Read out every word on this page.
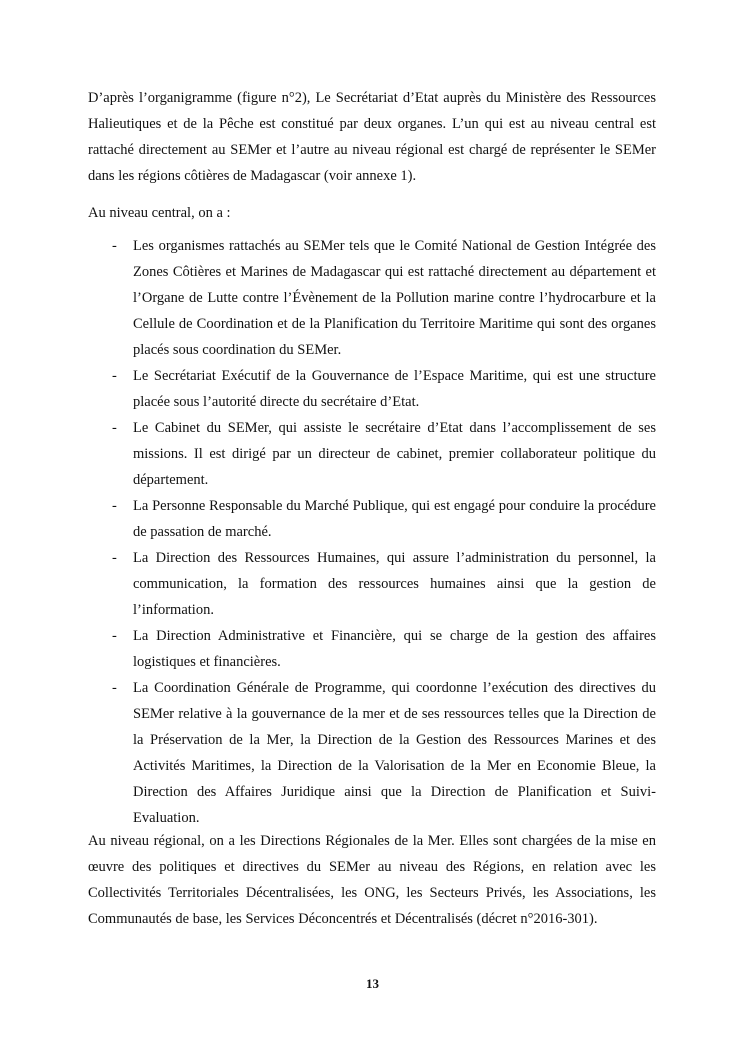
D’après l’organigramme (figure n°2), Le Secrétariat d’Etat auprès du Ministère des Ressources Halieutiques et de la Pêche est constitué par deux organes. L’un qui est au niveau central est rattaché directement au SEMer et l’autre au niveau régional est chargé de représenter le SEMer dans les régions côtières de Madagascar (voir annexe 1).

Au niveau central, on a :

- Les organismes rattachés au SEMer tels que le Comité National de Gestion Intégrée des Zones Côtières et Marines de Madagascar qui est rattaché directement au département et l’Organe de Lutte contre l’Évènement de la Pollution marine contre l’hydrocarbure et la Cellule de Coordination et de la Planification du Territoire Maritime qui sont des organes placés sous coordination du SEMer.
- Le Secrétariat Exécutif de la Gouvernance de l’Espace Maritime, qui est une structure placée sous l’autorité directe du secrétaire d’Etat.
- Le Cabinet du SEMer, qui assiste le secrétaire d’Etat dans l’accomplissement de ses missions. Il est dirigé par un directeur de cabinet, premier collaborateur politique du département.
- La Personne Responsable du Marché Publique, qui est engagé pour conduire la procédure de passation de marché.
- La Direction des Ressources Humaines, qui assure l’administration du personnel, la communication, la formation des ressources humaines ainsi que la gestion de l’information.
- La Direction Administrative et Financière, qui se charge de la gestion des affaires logistiques et financières.
- La Coordination Générale de Programme, qui coordonne l’exécution des directives du SEMer relative à la gouvernance de la mer et de ses ressources telles que la Direction de la Préservation de la Mer, la Direction de la Gestion des Ressources Marines et des Activités Maritimes, la Direction de la Valorisation de la Mer en Economie Bleue, la Direction des Affaires Juridique ainsi que la Direction de Planification et Suivi-Evaluation.

Au niveau régional, on a les Directions Régionales de la Mer. Elles sont chargées de la mise en œuvre des politiques et directives du SEMer au niveau des Régions, en relation avec les Collectivités Territoriales Décentralisées, les ONG, les Secteurs Privés, les Associations, les Communautés de base, les Services Déconcentrés et Décentralisés (décret n°2016-301).

13
